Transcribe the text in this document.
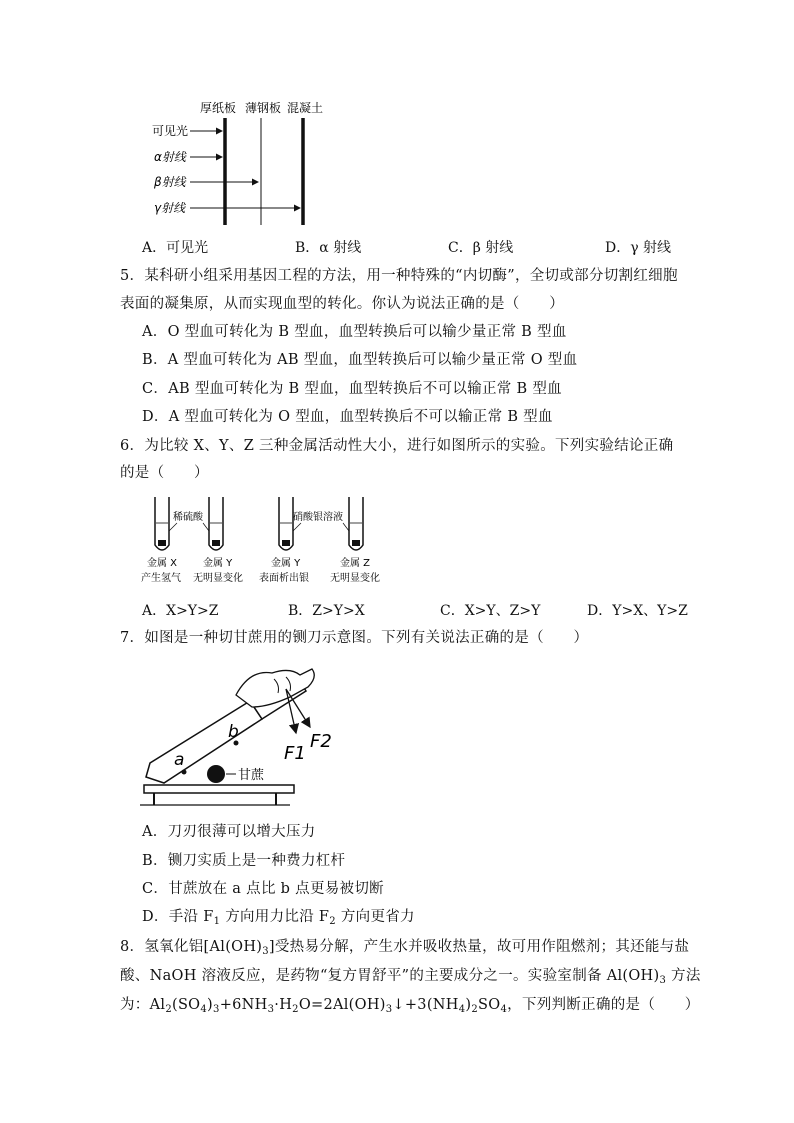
厚纸板 薄钢板 混凝土
可见光
α射线
β射线
γ射线
A．可见光	B．α 射线	C．β 射线	D．γ 射线
5．某科研小组采用基因工程的方法，用一种特殊的“内切酶”，全切或部分切割红细胞
表面的凝集原，从而实现血型的转化。你认为说法正确的是（　　）
A．O 型血可转化为 B 型血，血型转换后可以输少量正常 B 型血
B．A 型血可转化为 AB 型血，血型转换后可以输少量正常 O 型血
C．AB 型血可转化为 B 型血，血型转换后不可以输正常 B 型血
D．A 型血可转化为 O 型血，血型转换后不可以输正常 B 型血
6．为比较 X、Y、Z 三种金属活动性大小，进行如图所示的实验。下列实验结论正确
的是（　　）
稀硫酸	硝酸银溶液
金属 X
产生氢气
金属 Y
无明显变化
金属 Y
表面析出银
金属 Z
无明显变化
A．X>Y>Z	B．Z>Y>X	C．X>Y、Z>Y	D．Y>X、Y>Z
7．如图是一种切甘蔗用的铡刀示意图。下列有关说法正确的是（　　）
a
b
甘蔗
F1
F2
A．刀刃很薄可以增大压力
B．铡刀实质上是一种费力杠杆
C．甘蔗放在 a 点比 b 点更易被切断
D．手沿 $F_1$ 方向用力比沿 $F_2$ 方向更省力
8．氢氧化铝$[Al(OH)_3]$受热易分解，产生水并吸收热量，故可用作阻燃剂；其还能与盐
酸、NaOH 溶液反应，是药物“复方胃舒平”的主要成分之一。实验室制备 $Al(OH)_3$ 方法
为：$Al_2(SO_4)_3+6NH_3\cdot H_2O=2Al(OH)_3↓+3(NH_4)_2SO_4$，下列判断正确的是（　　）
